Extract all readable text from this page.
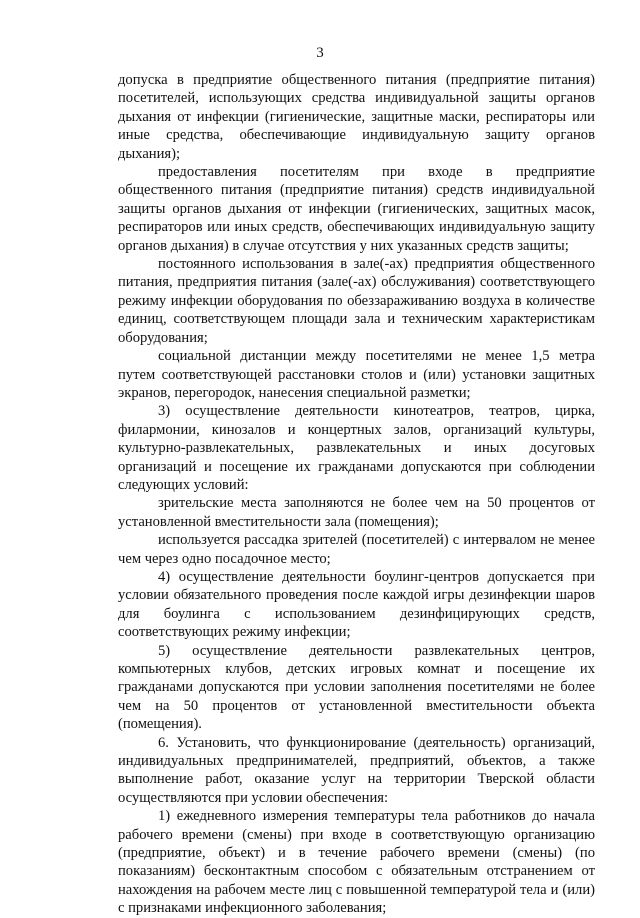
3

допуска в предприятие общественного питания (предприятие питания) посетителей, использующих средства индивидуальной защиты органов дыхания от инфекции (гигиенические, защитные маски, респираторы или иные средства, обеспечивающие индивидуальную защиту органов дыхания);

предоставления посетителям при входе в предприятие общественного питания (предприятие питания) средств индивидуальной защиты органов дыхания от инфекции (гигиенических, защитных масок, респираторов или иных средств, обеспечивающих индивидуальную защиту органов дыхания) в случае отсутствия у них указанных средств защиты;

постоянного использования в зале(-ах) предприятия общественного питания, предприятия питания (зале(-ах) обслуживания) соответствующего режиму инфекции оборудования по обеззараживанию воздуха в количестве единиц, соответствующем площади зала и техническим характеристикам оборудования;

социальной дистанции между посетителями не менее 1,5 метра путем соответствующей расстановки столов и (или) установки защитных экранов, перегородок, нанесения специальной разметки;

3) осуществление деятельности кинотеатров, театров, цирка, филармонии, кинозалов и концертных залов, организаций культуры, культурно-развлекательных, развлекательных и иных досуговых организаций и посещение их гражданами допускаются при соблюдении следующих условий:

зрительские места заполняются не более чем на 50 процентов от установленной вместительности зала (помещения);

используется рассадка зрителей (посетителей) с интервалом не менее чем через одно посадочное место;

4) осуществление деятельности боулинг-центров допускается при условии обязательного проведения после каждой игры дезинфекции шаров для боулинга с использованием дезинфицирующих средств, соответствующих режиму инфекции;

5) осуществление деятельности развлекательных центров, компьютерных клубов, детских игровых комнат и посещение их гражданами допускаются при условии заполнения посетителями не более чем на 50 процентов от установленной вместительности объекта (помещения).

6. Установить, что функционирование (деятельность) организаций, индивидуальных предпринимателей, предприятий, объектов, а также выполнение работ, оказание услуг на территории Тверской области осуществляются при условии обеспечения:

1) ежедневного измерения температуры тела работников до начала рабочего времени (смены) при входе в соответствующую организацию (предприятие, объект) и в течение рабочего времени (смены) (по показаниям) бесконтактным способом с обязательным отстранением от нахождения на рабочем месте лиц с повышенной температурой тела и (или) с признаками инфекционного заболевания;
